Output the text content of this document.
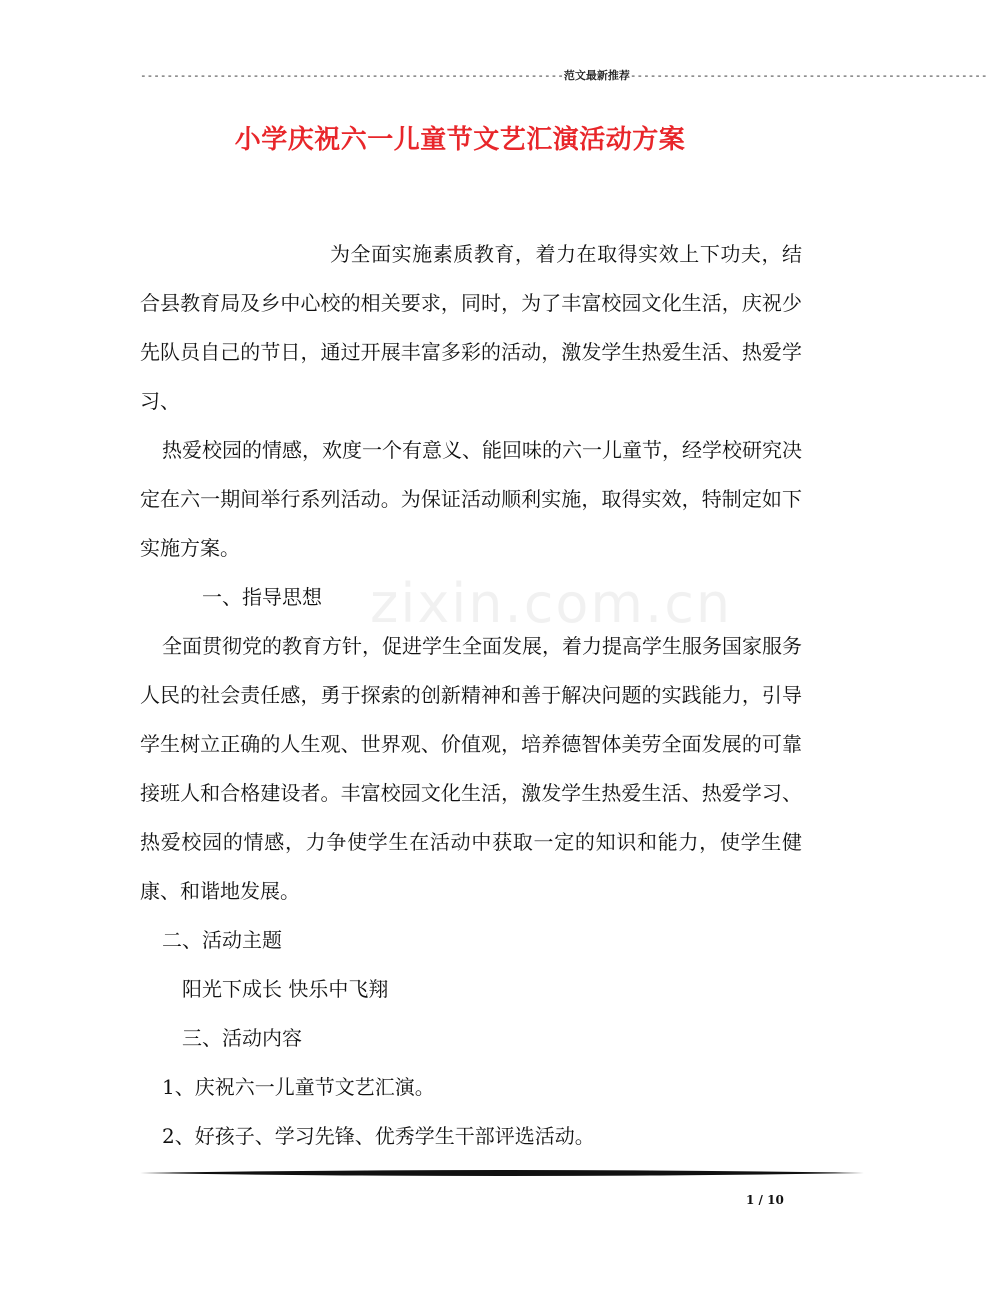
----------------------------------------------------------------范文最新推荐------------------------------------------------------
小学庆祝六一儿童节文艺汇演活动方案
zixin.com.cn

为全面实施素质教育，着力在取得实效上下功夫，结合县教育局及乡中心校的相关要求，同时，为了丰富校园文化生活，庆祝少先队员自己的节日，通过开展丰富多彩的活动，激发学生热爱生活、热爱学习、

热爱校园的情感，欢度一个有意义、能回味的六一儿童节，经学校研究决定在六一期间举行系列活动。为保证活动顺利实施，取得实效，特制定如下实施方案。

一、指导思想

全面贯彻党的教育方针，促进学生全面发展，着力提高学生服务国家服务人民的社会责任感，勇于探索的创新精神和善于解决问题的实践能力，引导学生树立正确的人生观、世界观、价值观，培养德智体美劳全面发展的可靠接班人和合格建设者。丰富校园文化生活，激发学生热爱生活、热爱学习、热爱校园的情感，力争使学生在活动中获取一定的知识和能力，使学生健康、和谐地发展。

二、活动主题

阳光下成长 快乐中飞翔

三、活动内容

1、庆祝六一儿童节文艺汇演。

2、好孩子、学习先锋、优秀学生干部评选活动。

1 / 10
